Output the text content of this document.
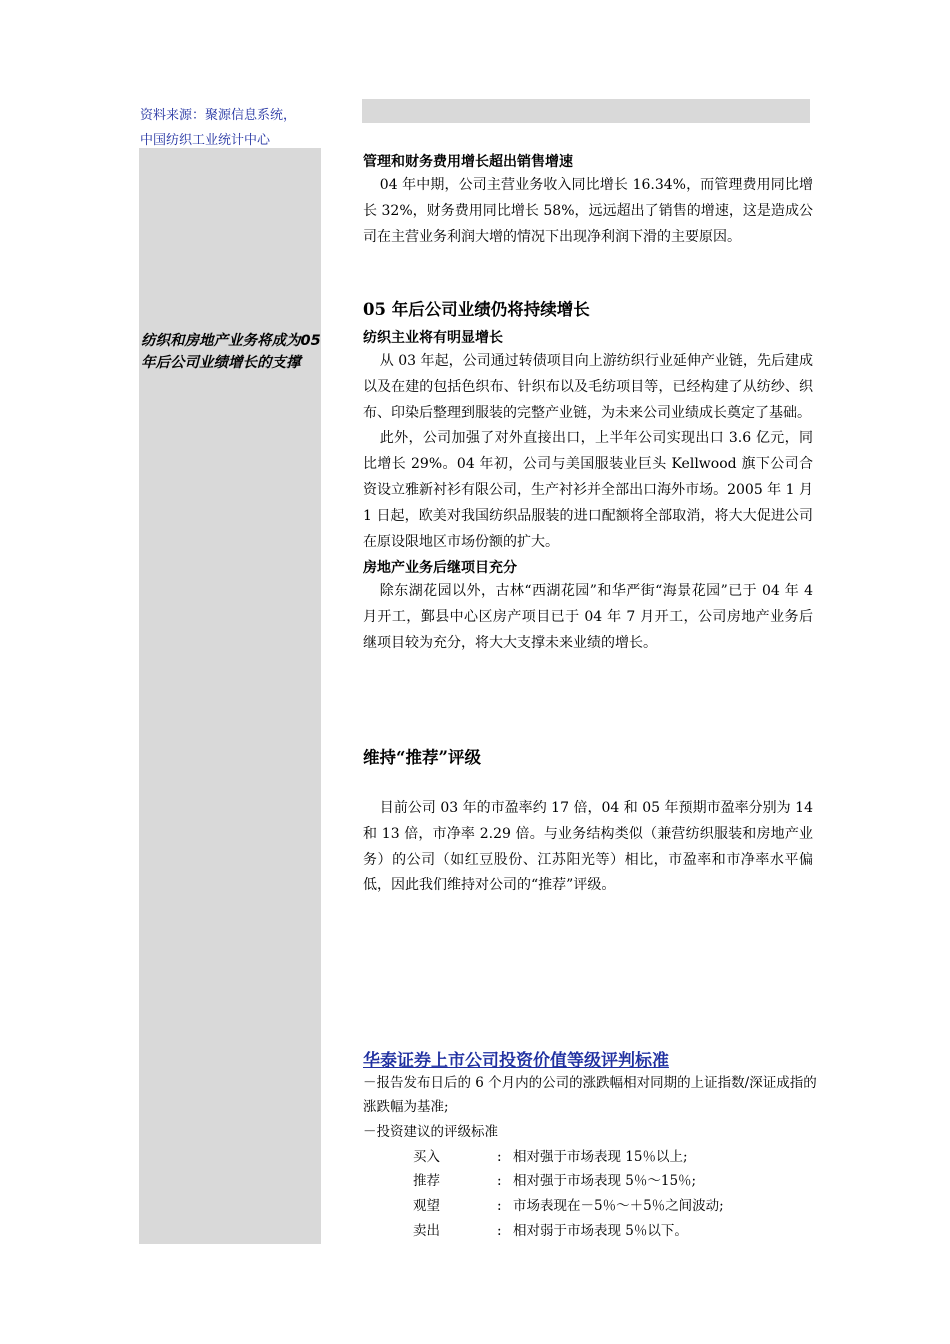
资料来源：聚源信息系统，
中国纺织工业统计中心
纺织和房地产业务将成为05 年后公司业绩增长的支撑
管理和财务费用增长超出销售增速

04 年中期，公司主营业务收入同比增长 16.34%，而管理费用同比增长 32%，财务费用同比增长 58%，远远超出了销售的增速，这是造成公司在主营业务利润大增的情况下出现净利润下滑的主要原因。

05 年后公司业绩仍将持续增长
纺织主业将有明显增长

从 03 年起，公司通过转债项目向上游纺织行业延伸产业链，先后建成以及在建的包括色织布、针织布以及毛纺项目等，已经构建了从纺纱、织布、印染后整理到服装的完整产业链，为未来公司业绩成长奠定了基础。

此外，公司加强了对外直接出口，上半年公司实现出口 3.6 亿元，同比增长 29%。04 年初，公司与美国服装业巨头 Kellwood 旗下公司合资设立雅新衬衫有限公司，生产衬衫并全部出口海外市场。2005 年 1 月 1 日起，欧美对我国纺织品服装的进口配额将全部取消，将大大促进公司在原设限地区市场份额的扩大。

房地产业务后继项目充分

除东湖花园以外，古林“西湖花园”和华严街“海景花园”已于 04 年 4 月开工，鄞县中心区房产项目已于 04 年 7 月开工，公司房地产业务后继项目较为充分，将大大支撑未来业绩的增长。

维持“推荐”评级

目前公司 03 年的市盈率约 17 倍，04 和 05 年预期市盈率分别为 14 和 13 倍，市净率 2.29 倍。与业务结构类似（兼营纺织服装和房地产业务）的公司（如红豆股份、江苏阳光等）相比，市盈率和市净率水平偏低，因此我们维持对公司的“推荐”评级。

华泰证券上市公司投资价值等级评判标准
－报告发布日后的 6 个月内的公司的涨跌幅相对同期的上证指数/深证成指的涨跌幅为基准;
－投资建议的评级标准
买入	: 相对强于市场表现 15％以上;
推荐	: 相对强于市场表现 5％～15％;
观望	: 市场表现在－5％～＋5％之间波动;
卖出	: 相对弱于市场表现 5％以下。
